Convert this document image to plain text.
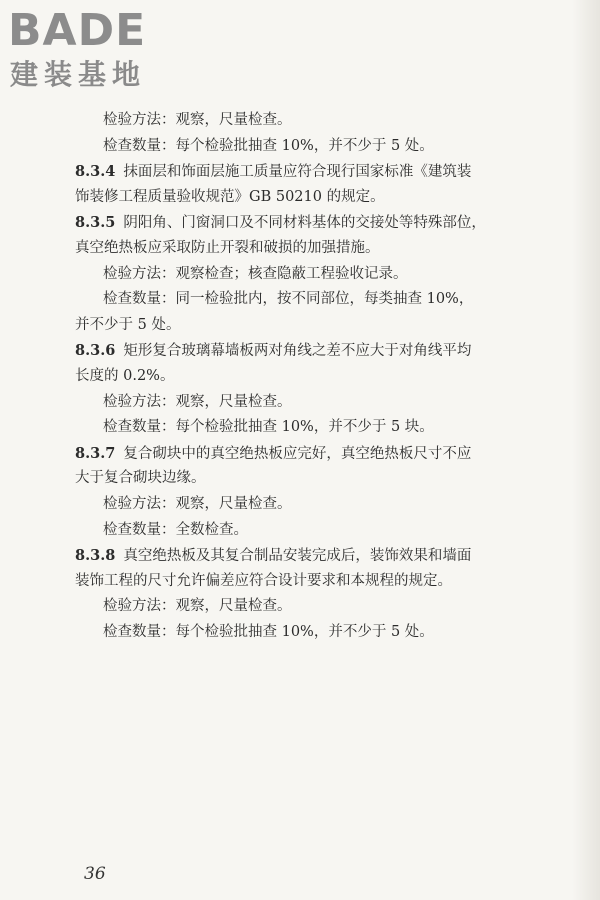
BADE
建装基地
检验方法：观察，尺量检查。
检查数量：每个检验批抽查 10%，并不少于 5 处。
8.3.4 抹面层和饰面层施工质量应符合现行国家标准《建筑装
饰装修工程质量验收规范》GB 50210 的规定。
8.3.5 阴阳角、门窗洞口及不同材料基体的交接处等特殊部位，
真空绝热板应采取防止开裂和破损的加强措施。
检验方法：观察检查；核查隐蔽工程验收记录。
检查数量：同一检验批内，按不同部位，每类抽查 10%，
并不少于 5 处。
8.3.6 矩形复合玻璃幕墙板两对角线之差不应大于对角线平均
长度的 0.2%。
检验方法：观察，尺量检查。
检查数量：每个检验批抽查 10%，并不少于 5 块。
8.3.7 复合砌块中的真空绝热板应完好，真空绝热板尺寸不应
大于复合砌块边缘。
检验方法：观察，尺量检查。
检查数量：全数检查。
8.3.8 真空绝热板及其复合制品安装完成后，装饰效果和墙面
装饰工程的尺寸允许偏差应符合设计要求和本规程的规定。
检验方法：观察，尺量检查。
检查数量：每个检验批抽查 10%，并不少于 5 处。
36
